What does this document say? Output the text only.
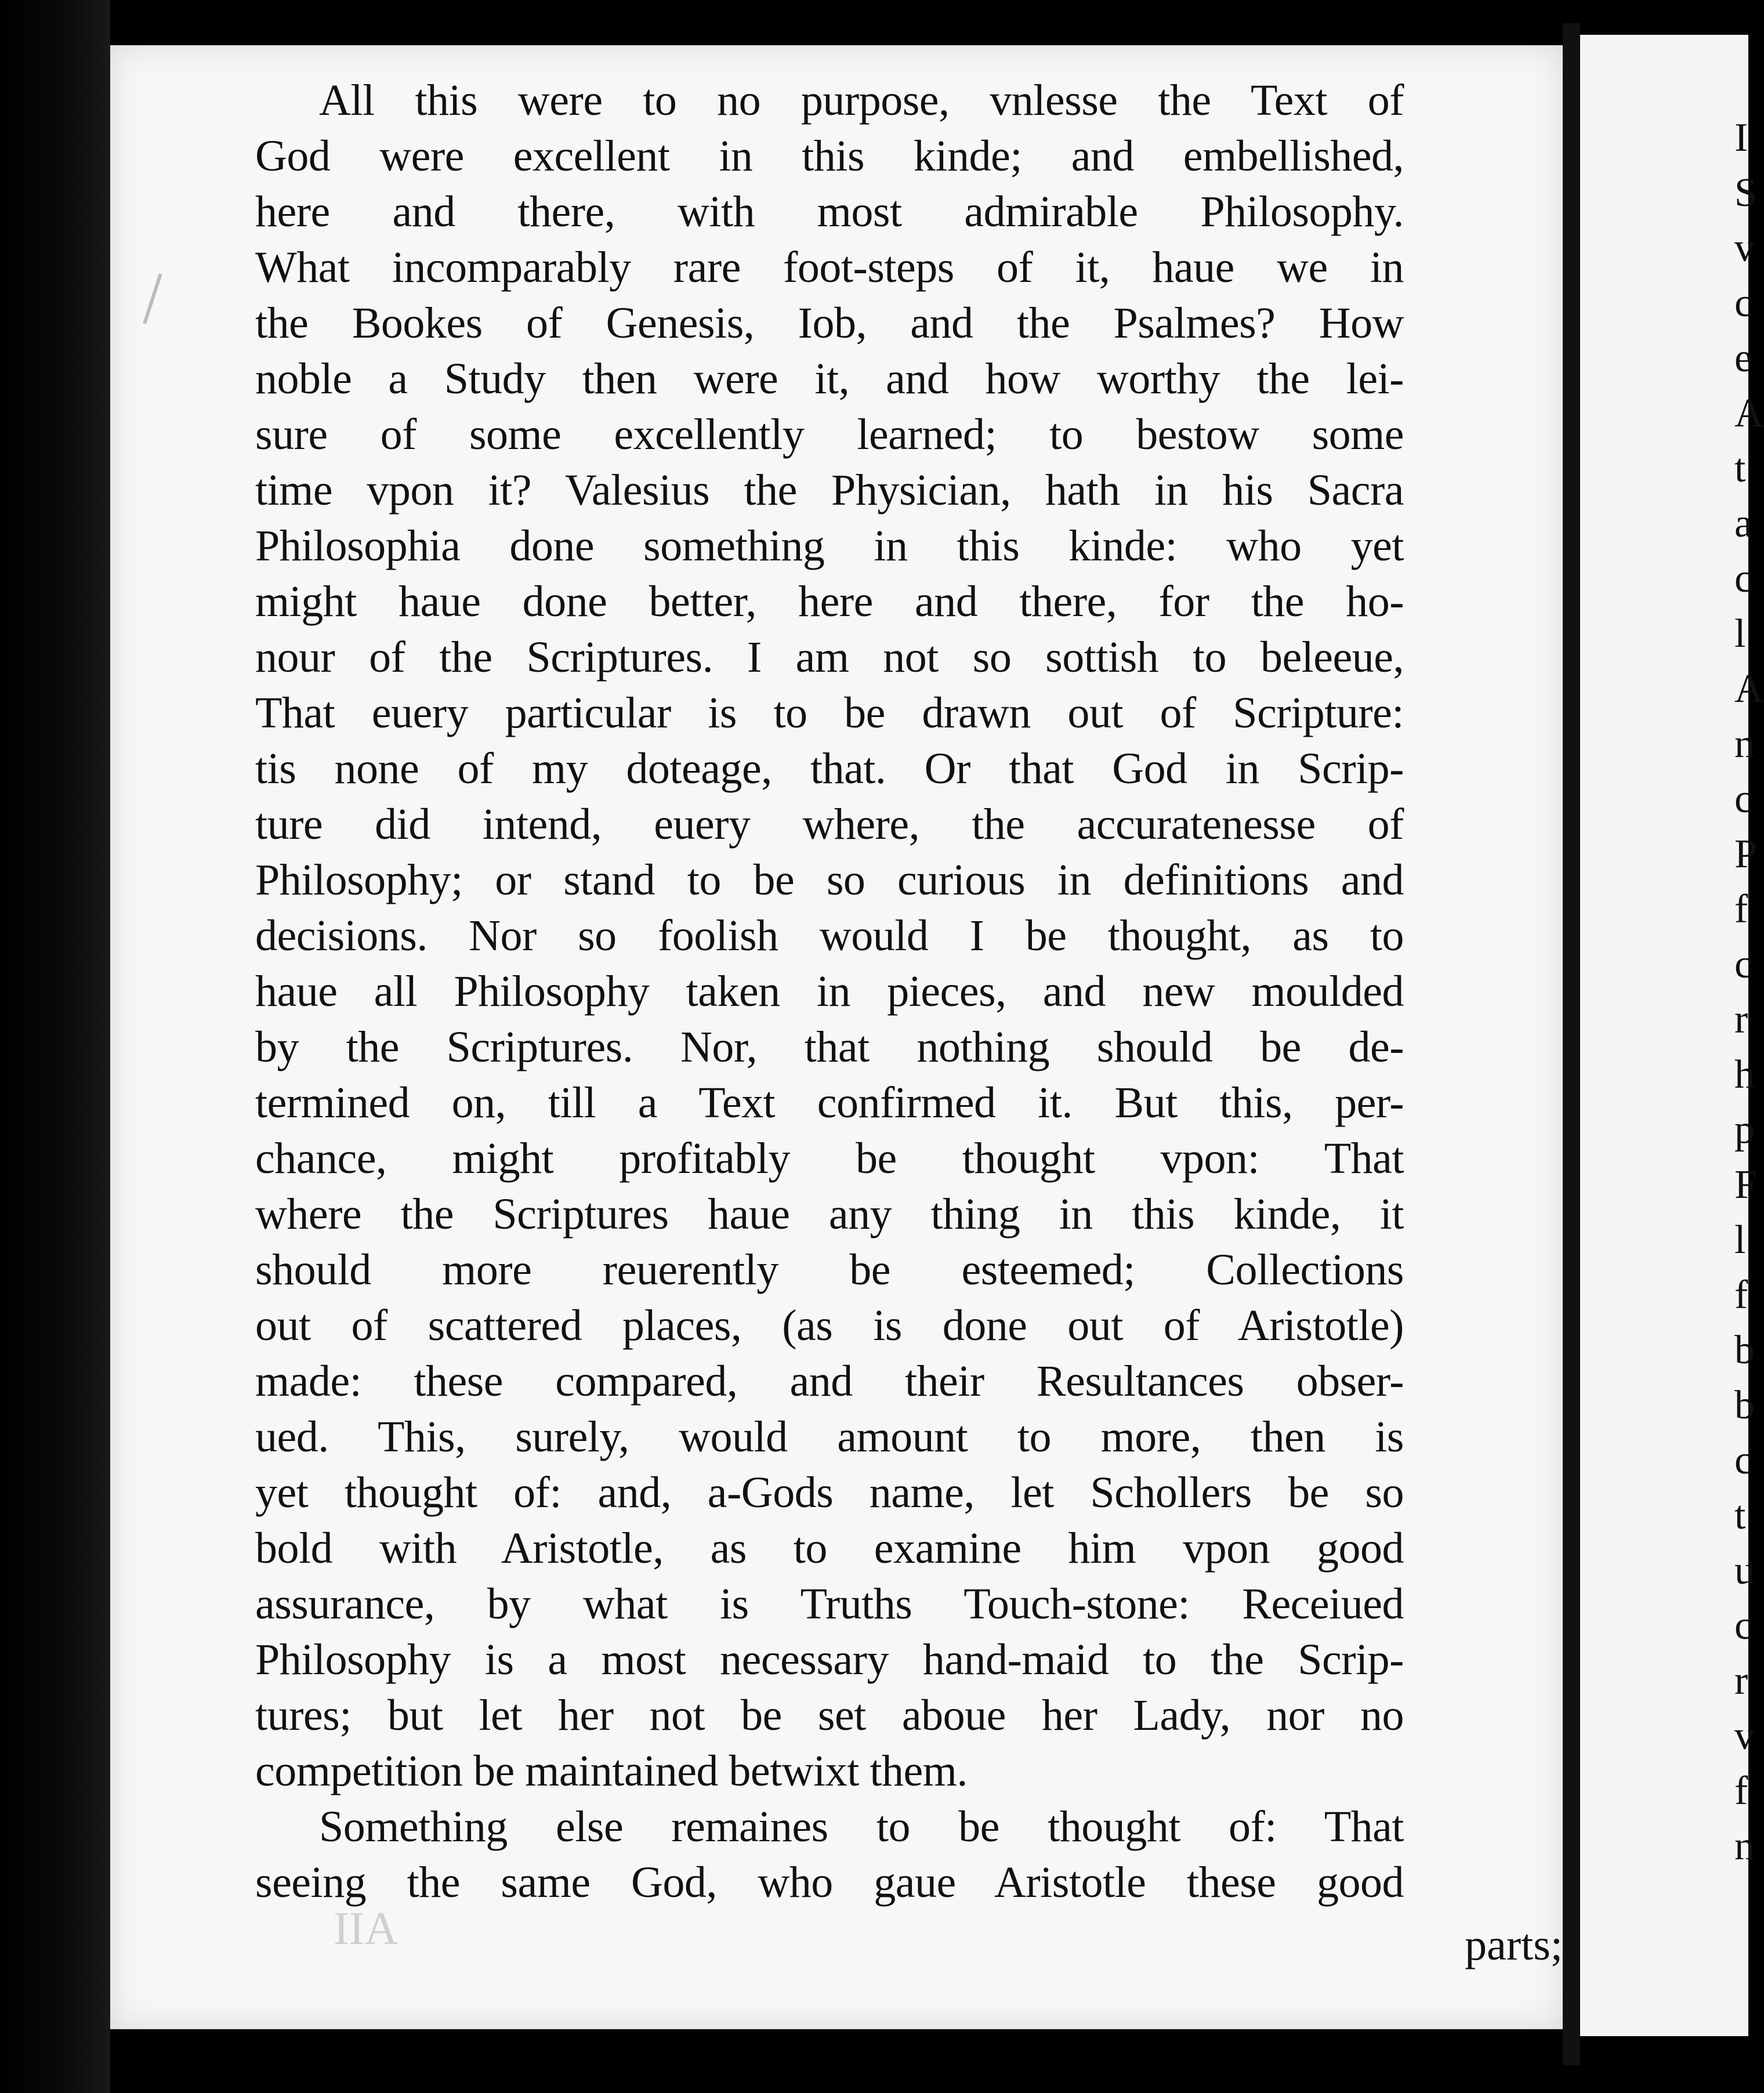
All this were to no purpose, vnlesse the Text of
God were excellent in this kinde; and embellished,
here and there, with most admirable Philosophy.
What incomparably rare foot-steps of it, haue we in
the Bookes of Genesis, Iob, and the Psalmes? How
noble a Study then were it, and how worthy the lei-
sure of some excellently learned; to bestow some
time vpon it? Valesius the Physician, hath in his Sacra
Philosophia done something in this kinde: who yet
might haue done better, here and there, for the ho-
nour of the Scriptures. I am not so sottish to beleeue,
That euery particular is to be drawn out of Scripture:
tis none of my doteage, that. Or that God in Scrip-
ture did intend, euery where, the accuratenesse of
Philosophy; or stand to be so curious in definitions and
decisions. Nor so foolish would I be thought, as to
haue all Philosophy taken in pieces, and new moulded
by the Scriptures. Nor, that nothing should be de-
termined on, till a Text confirmed it. But this, per-
chance, might profitably be thought vpon: That
where the Scriptures haue any thing in this kinde, it
should more reuerently be esteemed; Collections
out of scattered places, (as is done out of Aristotle)
made: these compared, and their Resultances obser-
ued. This, surely, would amount to more, then is
yet thought of: and, a-Gods name, let Schollers be so
bold with Aristotle, as to examine him vpon good
assurance, by what is Truths Touch-stone: Receiued
Philosophy is a most necessary hand-maid to the Scrip-
tures; but let her not be set aboue her Lady, nor no
competition be maintained betwixt them.
Something else remaines to be thought of: That
seeing the same God, who gaue Aristotle these good
IIA	parts;
I
S
v
c
e
A
t
a
c
l
A
n
c
P
f
c
r
h
p
F
l
f
b
b
c
t
u
c
r
v
f
n
